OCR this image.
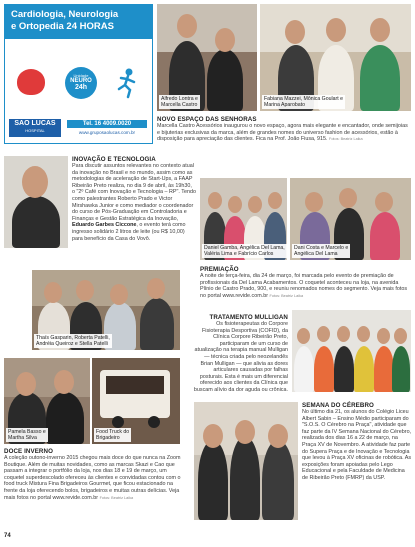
Cardiologia, Neurologia
e Ortopedia 24 HORAS
Unidade
NEURO
24h
SAO LUCAS
HOSPITAL
Tel. 16 4009.0020
www.gruposaolucas.com.br
Alfredo Lontra e
Marcella Castro
Fabiana Mazzei, Mônica Goulart e
Marina Aparobato
NOVO ESPAÇO DAS SENHORAS
Marcella Castro Acessórios inaugurou o novo espaço, agora mais elegante e encantador, onde semijoias e bijuterias exclusivas da marca, além de grandes nomes do universo fashion de acessórios, estão à disposição para apreciação das clientes. Fica na Prof. João Fiusa, 915. Fotos: Beatriz Laika
INOVAÇÃO E TECNOLOGIA
Para discutir assuntos relevantes no contexto atual da inovação no Brasil e no mundo, assim como as metodologias de aceleração de Start-Ups, a FAAP Ribeirão Preto realiza, no dia 9 de abril, às 19h30, o "2º Café com Inovação e Tecnologia – RP". Tendo como palestrantes Roberto Prado e Victor Mirshawka Junior e como mediador o coordenador do curso de Pós-Graduação em Controladoria e Finanças e Gestão Estratégica da Inovação, Eduardo Garbes Ciccone, o evento terá como ingresso solidário 2 litros de leite (ou R$ 10,00) para benefício da Casa do Vovô.
Daniel Gamba, Angélica Del Lama,
Valéria Lima e Fabrício Carlos
Dani Costa e Marcelo e
Angélica Del Lama
PREMIAÇÃO
A noite de terça-feira, dia 24 de março, foi marcada pelo evento de premiação de profissionais da Del Lama Acabamentos. O coquetel aconteceu na loja, na avenida Plínio de Castro Prado, 900, e reuniu renomados nomes do segmento. Veja mais fotos no portal www.revide.com.br Fotos: Beatriz Laika
Thaís Gasparin, Roberta Patelli,
Andréia Queiroz e Stella Patelli
TRATAMENTO MULLIGAN
Os fisioterapeutas do Corpore Fisioterapia Desportiva (COFID), da Clínica Corpore Ribeirão Preto, participaram de um curso de atualização na terapia manual Mulligan — técnica criada pelo neozelandês Brian Mulligan — que alivia as dores articulares causadas por falhas posturais. Esta é mais um diferencial oferecido aos clientes da Clínica que buscam alívio da dor aguda ou crônica.
Pamela Basso e
Martha Silva
Food Truck do
Brigadeiro
DOCE INVERNO
A coleção outono-inverno 2015 chegou mais doce do que nunca na Zoom Boutique. Além de muitas novidades, como as marcas Skazi e Cao que passam a integrar o portfólio da loja, nos dias 18 e 19 de março, um coquetel superdescolado ofereceu às clientes e convidadas contou com o food truck Mistura Fina Brigadeiros Gourmet, que ficou estacionado na frente da loja oferecendo bolos, brigadeiros e muitas outras delícias. Veja mais fotos no portal www.revide.com.br Fotos: Beatriz Laika
SEMANA DO CÉREBRO
No último dia 21, os alunos do Colégio Liceu Albert Sabin – Ensino Médio participaram do "S.O.S. O Cérebro na Praça", atividade que faz parte da IV Semana Nacional do Cérebro, realizada dos dias 16 a 22 de março, na Praça XV de Novembro. A atividade faz parte do Supera Praça e de Inovação e Tecnologia que levou à Praça XV oficinas de robótica. As exposições foram apoiadas pelo Lego Educacional e pela Faculdade de Medicina de Ribeirão Preto (FMRP) da USP.
74
